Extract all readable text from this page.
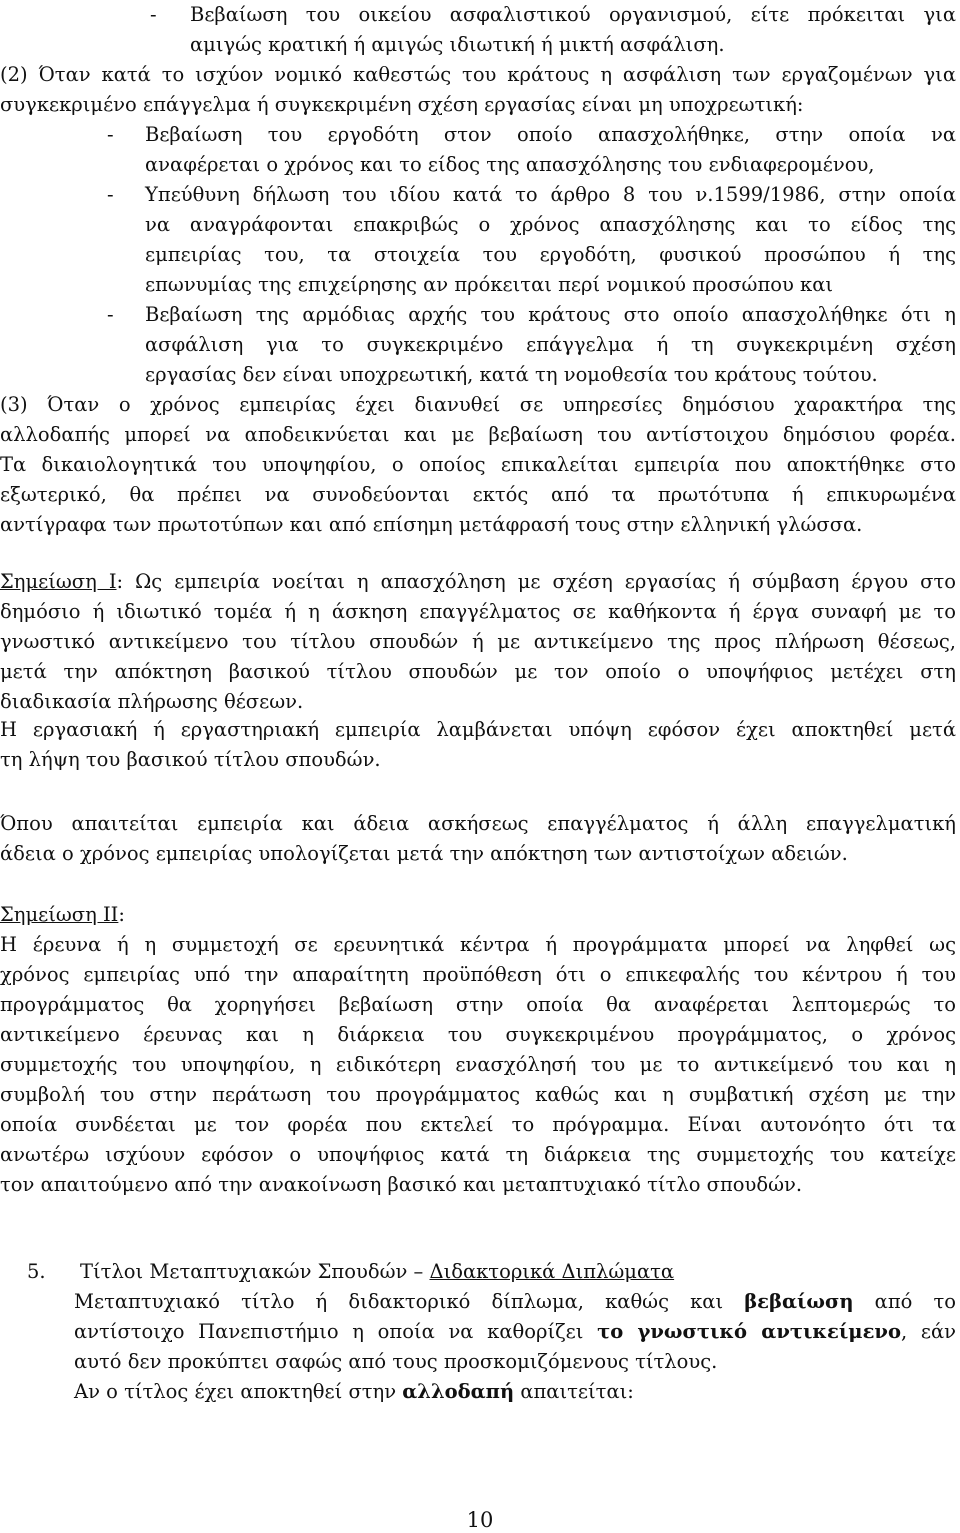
- Βεβαίωση του οικείου ασφαλιστικού οργανισμού, είτε πρόκειται για
αμιγώς κρατική ή αμιγώς ιδιωτική ή μικτή ασφάλιση.
(2) Όταν κατά το ισχύον νομικό καθεστώς του κράτους η ασφάλιση των εργαζομένων για
συγκεκριμένο επάγγελμα ή συγκεκριμένη σχέση εργασίας είναι μη υποχρεωτική:
- Βεβαίωση του εργοδότη στον οποίο απασχολήθηκε, στην οποία να
αναφέρεται ο χρόνος και το είδος της απασχόλησης του ενδιαφερομένου,
- Υπεύθυνη δήλωση του ιδίου κατά το άρθρο 8 του ν.1599/1986, στην οποία
να αναγράφονται επακριβώς ο χρόνος απασχόλησης και το είδος της
εμπειρίας του, τα στοιχεία του εργοδότη, φυσικού προσώπου ή της
επωνυμίας της επιχείρησης αν πρόκειται περί νομικού προσώπου και
- Βεβαίωση της αρμόδιας αρχής του κράτους στο οποίο απασχολήθηκε ότι η
ασφάλιση για το συγκεκριμένο επάγγελμα ή τη συγκεκριμένη σχέση
εργασίας δεν είναι υποχρεωτική, κατά τη νομοθεσία του κράτους τούτου.
(3) Όταν ο χρόνος εμπειρίας έχει διανυθεί σε υπηρεσίες δημόσιου χαρακτήρα της
αλλοδαπής μπορεί να αποδεικνύεται και με βεβαίωση του αντίστοιχου δημόσιου φορέα.
Τα δικαιολογητικά του υποψηφίου, ο οποίος επικαλείται εμπειρία που αποκτήθηκε στο
εξωτερικό, θα πρέπει να συνοδεύονται εκτός από τα πρωτότυπα ή επικυρωμένα
αντίγραφα των πρωτοτύπων και από επίσημη μετάφρασή τους στην ελληνική γλώσσα.
Σημείωση Ι: Ως εμπειρία νοείται η απασχόληση με σχέση εργασίας ή σύμβαση έργου στο
δημόσιο ή ιδιωτικό τομέα ή η άσκηση επαγγέλματος σε καθήκοντα ή έργα συναφή με το
γνωστικό αντικείμενο του τίτλου σπουδών ή με αντικείμενο της προς πλήρωση θέσεως,
μετά την απόκτηση βασικού τίτλου σπουδών με τον οποίο ο υποψήφιος μετέχει στη
διαδικασία πλήρωσης θέσεων.
Η εργασιακή ή εργαστηριακή εμπειρία λαμβάνεται υπόψη εφόσον έχει αποκτηθεί μετά
τη λήψη του βασικού τίτλου σπουδών.
Όπου απαιτείται εμπειρία και άδεια ασκήσεως επαγγέλματος ή άλλη επαγγελματική
άδεια ο χρόνος εμπειρίας υπολογίζεται μετά την απόκτηση των αντιστοίχων αδειών.
Σημείωση ΙΙ:
Η έρευνα ή η συμμετοχή σε ερευνητικά κέντρα ή προγράμματα μπορεί να ληφθεί ως
χρόνος εμπειρίας υπό την απαραίτητη προϋπόθεση ότι ο επικεφαλής του κέντρου ή του
προγράμματος θα χορηγήσει βεβαίωση στην οποία θα αναφέρεται λεπτομερώς το
αντικείμενο έρευνας και η διάρκεια του συγκεκριμένου προγράμματος, ο χρόνος
συμμετοχής του υποψηφίου, η ειδικότερη ενασχόλησή του με το αντικείμενό του και η
συμβολή του στην περάτωση του προγράμματος καθώς και η συμβατική σχέση με την
οποία συνδέεται με τον φορέα που εκτελεί το πρόγραμμα. Είναι αυτονόητο ότι τα
ανωτέρω ισχύουν εφόσον ο υποψήφιος κατά τη διάρκεια της συμμετοχής του κατείχε
τον απαιτούμενο από την ανακοίνωση βασικό και μεταπτυχιακό τίτλο σπουδών.
5. Τίτλοι Μεταπτυχιακών Σπουδών – Διδακτορικά Διπλώματα
Μεταπτυχιακό τίτλο ή διδακτορικό δίπλωμα, καθώς και βεβαίωση από το
αντίστοιχο Πανεπιστήμιο η οποία να καθορίζει το γνωστικό αντικείμενο, εάν
αυτό δεν προκύπτει σαφώς από τους προσκομιζόμενους τίτλους.
Αν ο τίτλος έχει αποκτηθεί στην αλλοδαπή απαιτείται:
10
